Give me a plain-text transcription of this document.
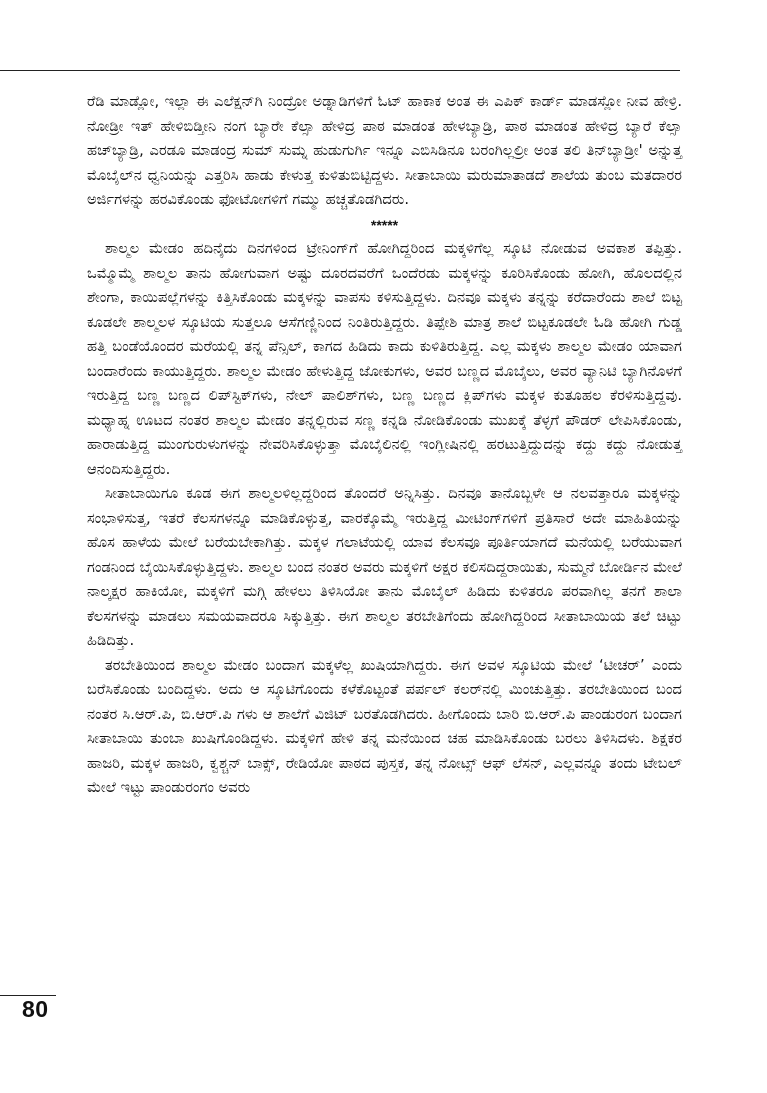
ರೆಡಿ ಮಾಡ್ಲೋ, ಇಲ್ಲಾ ಈ ಎಲೆಕ್ಷನ್‌ಗಿ ನಿಂದ್ರೋ ಅಡ್ನಾಡಿಗಳಿಗೆ ಓಟ್ ಹಾಕಾಕ ಅಂತ ಈ ಎಪಿಕ್ ಕಾರ್ಡ್ ಮಾಡಸ್ಲೋ ನೀವ ಹೇಳ್ರಿ. ನೋಡ್ರೀ ಇತ್ ಹೇಳಿಬಿಡ್ತೀನಿ ನಂಗ ಬ್ಯಾರೇ ಕೆಲ್ಸಾ ಹೇಳಿದ್ರ ಪಾಠ ಮಾಡಂತ ಹೇಳಬ್ಯಾಡ್ರಿ, ಪಾಠ ಮಾಡಂತ ಹೇಳಿದ್ರ ಬ್ಯಾರೆ ಕೆಲ್ಸಾ ಹಚ್‌ಬ್ಯಾಡ್ರಿ, ಎರಡೂ ಮಾಡಂದ್ರ ಸುಮ್ ಸುಮ್ನ ಹುಡುಗುರ್ಗಿ ಇನ್ನೂ ಎಬಿಸಿಡಿನೂ ಬರಂಗಿಲ್ಲಲ್ರೀ ಅಂತ ತಲಿ ತಿನ್‌ಬ್ಯಾಡ್ರೀ' ಅನ್ನುತ್ತ ಮೊಬೈಲ್‌ನ ಧ್ವನಿಯನ್ನು ಎತ್ತರಿಸಿ ಹಾಡು ಕೇಳುತ್ತ ಕುಳಿತುಬಿಟ್ಟಿದ್ದಳು. ಸೀತಾಬಾಯಿ ಮರುಮಾತಾಡದೆ ಶಾಲೆಯ ತುಂಬ ಮತದಾರರ ಅರ್ಜಿಗಳನ್ನು ಹರವಿಕೊಂಡು ಫೋಟೋಗಳಿಗೆ ಗಮ್ಮು ಹಚ್ಚತೊಡಗಿದರು.

*****

ಶಾಲ್ಮಲ ಮೇಡಂ ಹದಿನೈದು ದಿನಗಳಿಂದ ಟ್ರೇನಿಂಗ್‌ಗೆ ಹೋಗಿದ್ದರಿಂದ ಮಕ್ಕಳಿಗೆಲ್ಲ ಸ್ಕೂಟಿ ನೋಡುವ ಅವಕಾಶ ತಪ್ಪಿತ್ತು. ಒಮ್ಮೊಮ್ಮೆ ಶಾಲ್ಮಲ ತಾನು ಹೋಗುವಾಗ ಅಷ್ಟು ದೂರದವರೆಗೆ ಒಂದೆರಡು ಮಕ್ಕಳನ್ನು ಕೂರಿಸಿಕೊಂಡು ಹೋಗಿ, ಹೊಲದಲ್ಲಿನ ಶೇಂಗಾ, ಕಾಯಿಪಲ್ಲೆಗಳನ್ನು ಕಿತ್ತಿಸಿಕೊಂಡು ಮಕ್ಕಳನ್ನು ವಾಪಸು ಕಳಿಸುತ್ತಿದ್ದಳು. ದಿನವೂ ಮಕ್ಕಳು ತನ್ನನ್ನು ಕರೆದಾರೆಂದು ಶಾಲೆ ಬಿಟ್ಟ ಕೂಡಲೇ ಶಾಲ್ಮಲಳ ಸ್ಕೂಟಿಯ ಸುತ್ತಲೂ ಆಸೆಗಣ್ಣಿನಿಂದ ನಿಂತಿರುತ್ತಿದ್ದರು. ತಿಪ್ಪೇಶಿ ಮಾತ್ರ ಶಾಲೆ ಬಿಟ್ಟಕೂಡಲೇ ಓಡಿ ಹೋಗಿ ಗುಡ್ಡ ಹತ್ತಿ ಬಂಡೆಯೊಂದರ ಮರೆಯಲ್ಲಿ ತನ್ನ ಪೆನ್ಸಿಲ್, ಕಾಗದ ಹಿಡಿದು ಕಾದು ಕುಳಿತಿರುತ್ತಿದ್ದ. ಎಲ್ಲ ಮಕ್ಕಳು ಶಾಲ್ಮಲ ಮೇಡಂ ಯಾವಾಗ ಬಂದಾರೆಂದು ಕಾಯುತ್ತಿದ್ದರು. ಶಾಲ್ಮಲ ಮೇಡಂ ಹೇಳುತ್ತಿದ್ದ ಜೋಕುಗಳು, ಅವರ ಬಣ್ಣದ ಮೊಬೈಲು, ಅವರ ವ್ಯಾನಿಟಿ ಬ್ಯಾಗಿನೊಳಗೆ ಇರುತ್ತಿದ್ದ ಬಣ್ಣ ಬಣ್ಣದ ಲಿಪ್‌ಸ್ಟಿಕ್‌ಗಳು, ನೇಲ್ ಪಾಲಿಶ್‌ಗಳು, ಬಣ್ಣ ಬಣ್ಣದ ಕ್ಲಿಪ್‌ಗಳು ಮಕ್ಕಳ ಕುತೂಹಲ ಕೆರಳಿಸುತ್ತಿದ್ದವು. ಮಧ್ಯಾಹ್ನ ಊಟದ ನಂತರ ಶಾಲ್ಮಲ ಮೇಡಂ ತನ್ನಲ್ಲಿರುವ ಸಣ್ಣ ಕನ್ನಡಿ ನೋಡಿಕೊಂಡು ಮುಖಕ್ಕೆ ತೆಳ್ಳಗೆ ಪೌಡರ್ ಲೇಪಿಸಿಕೊಂಡು, ಹಾರಾಡುತ್ತಿದ್ದ ಮುಂಗುರುಳುಗಳನ್ನು ನೇವರಿಸಿಕೊಳ್ಳುತ್ತಾ ಮೊಬೈಲಿನಲ್ಲಿ ಇಂಗ್ಲೀಷಿನಲ್ಲಿ ಹರಟುತ್ತಿದ್ದುದನ್ನು ಕದ್ದು ಕದ್ದು ನೋಡುತ್ತ ಆನಂದಿಸುತ್ತಿದ್ದರು.

ಸೀತಾಬಾಯಿಗೂ ಕೂಡ ಈಗ ಶಾಲ್ಮಲಳಿಲ್ಲದ್ದರಿಂದ ತೊಂದರೆ ಅನ್ನಿಸಿತ್ತು. ದಿನವೂ ತಾನೊಬ್ಬಳೇ ಆ ನಲವತ್ತಾರೂ ಮಕ್ಕಳನ್ನು ಸಂಭಾಳಿಸುತ್ತ, ಇತರೆ ಕೆಲಸಗಳನ್ನೂ ಮಾಡಿಕೊಳ್ಳುತ್ತ, ವಾರಕ್ಕೊಮ್ಮೆ ಇರುತ್ತಿದ್ದ ಮೀಟಿಂಗ್‌ಗಳಿಗೆ ಪ್ರತಿಸಾರೆ ಅದೇ ಮಾಹಿತಿಯನ್ನು ಹೊಸ ಹಾಳೆಯ ಮೇಲೆ ಬರೆಯಬೇಕಾಗಿತ್ತು. ಮಕ್ಕಳ ಗಲಾಟೆಯಲ್ಲಿ ಯಾವ ಕೆಲಸವೂ ಪೂರ್ತಿಯಾಗದೆ ಮನೆಯಲ್ಲಿ ಬರೆಯುವಾಗ ಗಂಡನಿಂದ ಬೈಯಿಸಿಕೊಳ್ಳುತ್ತಿದ್ದಳು. ಶಾಲ್ಮಲ ಬಂದ ನಂತರ ಅವರು ಮಕ್ಕಳಿಗೆ ಅಕ್ಷರ ಕಲಿಸದಿದ್ದರಾಯಿತು, ಸುಮ್ಮನೆ ಬೋರ್ಡಿನ ಮೇಲೆ ನಾಲ್ಕಕ್ಷರ ಹಾಕಿಯೋ, ಮಕ್ಕಳಿಗೆ ಮಗ್ಗಿ ಹೇಳಲು ತಿಳಿಸಿಯೋ ತಾನು ಮೊಬೈಲ್ ಹಿಡಿದು ಕುಳಿತರೂ ಪರವಾಗಿಲ್ಲ ತನಗೆ ಶಾಲಾ ಕೆಲಸಗಳನ್ನು ಮಾಡಲು ಸಮಯವಾದರೂ ಸಿಕ್ಕುತ್ತಿತ್ತು. ಈಗ ಶಾಲ್ಮಲ ತರಬೇತಿಗೆಂದು ಹೋಗಿದ್ದರಿಂದ ಸೀತಾಬಾಯಿಯ ತಲೆ ಚಿಟ್ಟು ಹಿಡಿದಿತ್ತು.

ತರಬೇತಿಯಿಂದ ಶಾಲ್ಮಲ ಮೇಡಂ ಬಂದಾಗ ಮಕ್ಕಳೆಲ್ಲ ಖುಷಿಯಾಗಿದ್ದರು. ಈಗ ಅವಳ ಸ್ಕೂಟಿಯ ಮೇಲೆ ‘ಟೀಚರ್’ ಎಂದು ಬರೆಸಿಕೊಂಡು ಬಂದಿದ್ದಳು. ಅದು ಆ ಸ್ಕೂಟಿಗೊಂದು ಕಳೆಕೊಟ್ಟಂತೆ ಪರ್ಪಲ್ ಕಲರ್‌ನಲ್ಲಿ ಮಿಂಚುತ್ತಿತ್ತು. ತರಬೇತಿಯಿಂದ ಬಂದ ನಂತರ ಸಿ.ಆರ್.ಪಿ, ಬಿ.ಆರ್.ಪಿ ಗಳು ಆ ಶಾಲೆಗೆ ವಿಜಿಟ್ ಬರತೊಡಗಿದರು. ಹೀಗೊಂದು ಬಾರಿ ಬಿ.ಆರ್.ಪಿ ಪಾಂಡುರಂಗ ಬಂದಾಗ ಸೀತಾಬಾಯಿ ತುಂಬಾ ಖುಷಿಗೊಂಡಿದ್ದಳು. ಮಕ್ಕಳಿಗೆ ಹೇಳಿ ತನ್ನ ಮನೆಯಿಂದ ಚಹ ಮಾಡಿಸಿಕೊಂಡು ಬರಲು ತಿಳಿಸಿದಳು. ಶಿಕ್ಷಕರ ಹಾಜರಿ, ಮಕ್ಕಳ ಹಾಜರಿ, ಕ್ವಶ್ಚನ್ ಬಾಕ್ಸ್, ರೇಡಿಯೋ ಪಾಠದ ಪುಸ್ತಕ, ತನ್ನ ನೋಟ್ಸ್ ಆಫ್ ಲೆಸನ್, ಎಲ್ಲವನ್ನೂ ತಂದು ಟೇಬಲ್ ಮೇಲೆ ಇಟ್ಟು ಪಾಂಡುರಂಗಂ ಅವರು

80
